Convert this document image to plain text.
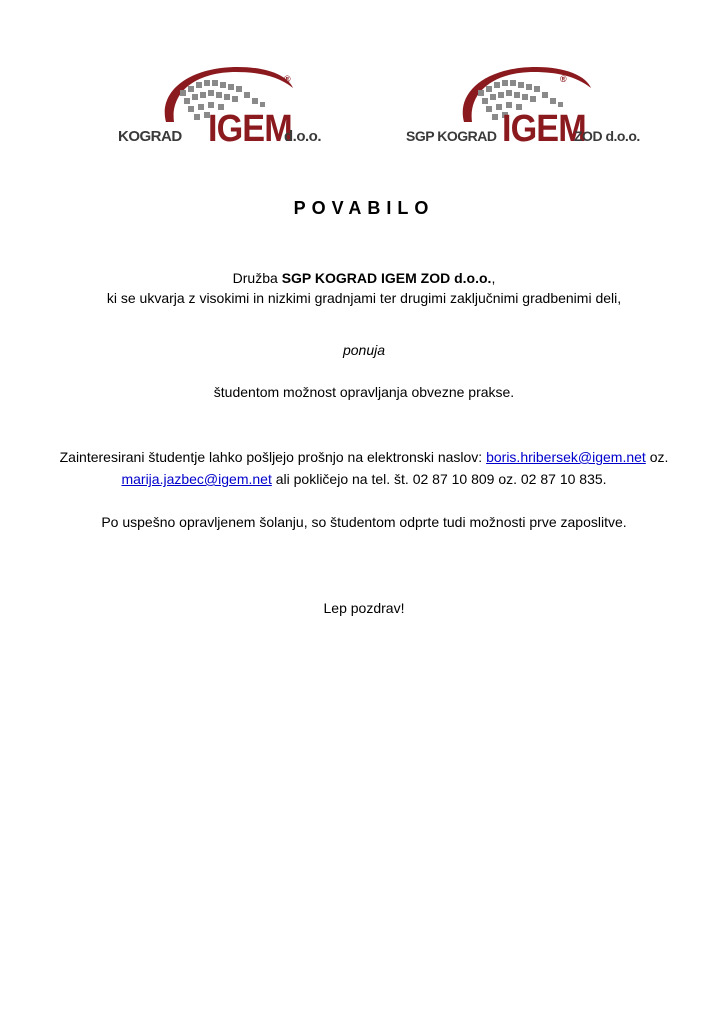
KOGRAD IGEM
d.o.o.
®
SGP KOGRAD IGEM
ZOD d.o.o.
®
POVABILO
Družba SGP KOGRAD IGEM ZOD d.o.o.,
ki se ukvarja z visokimi in nizkimi gradnjami ter drugimi zaključnimi gradbenimi deli,
ponuja
študentom možnost opravljanja obvezne prakse.
Zainteresirani študentje lahko pošljejo prošnjo na elektronski naslov: boris.hribersek@igem.net oz.
marija.jazbec@igem.net ali pokličejo na tel. št. 02 87 10 809 oz. 02 87 10 835.
Po uspešno opravljenem šolanju, so študentom odprte tudi možnosti prve zaposlitve.
Lep pozdrav!
